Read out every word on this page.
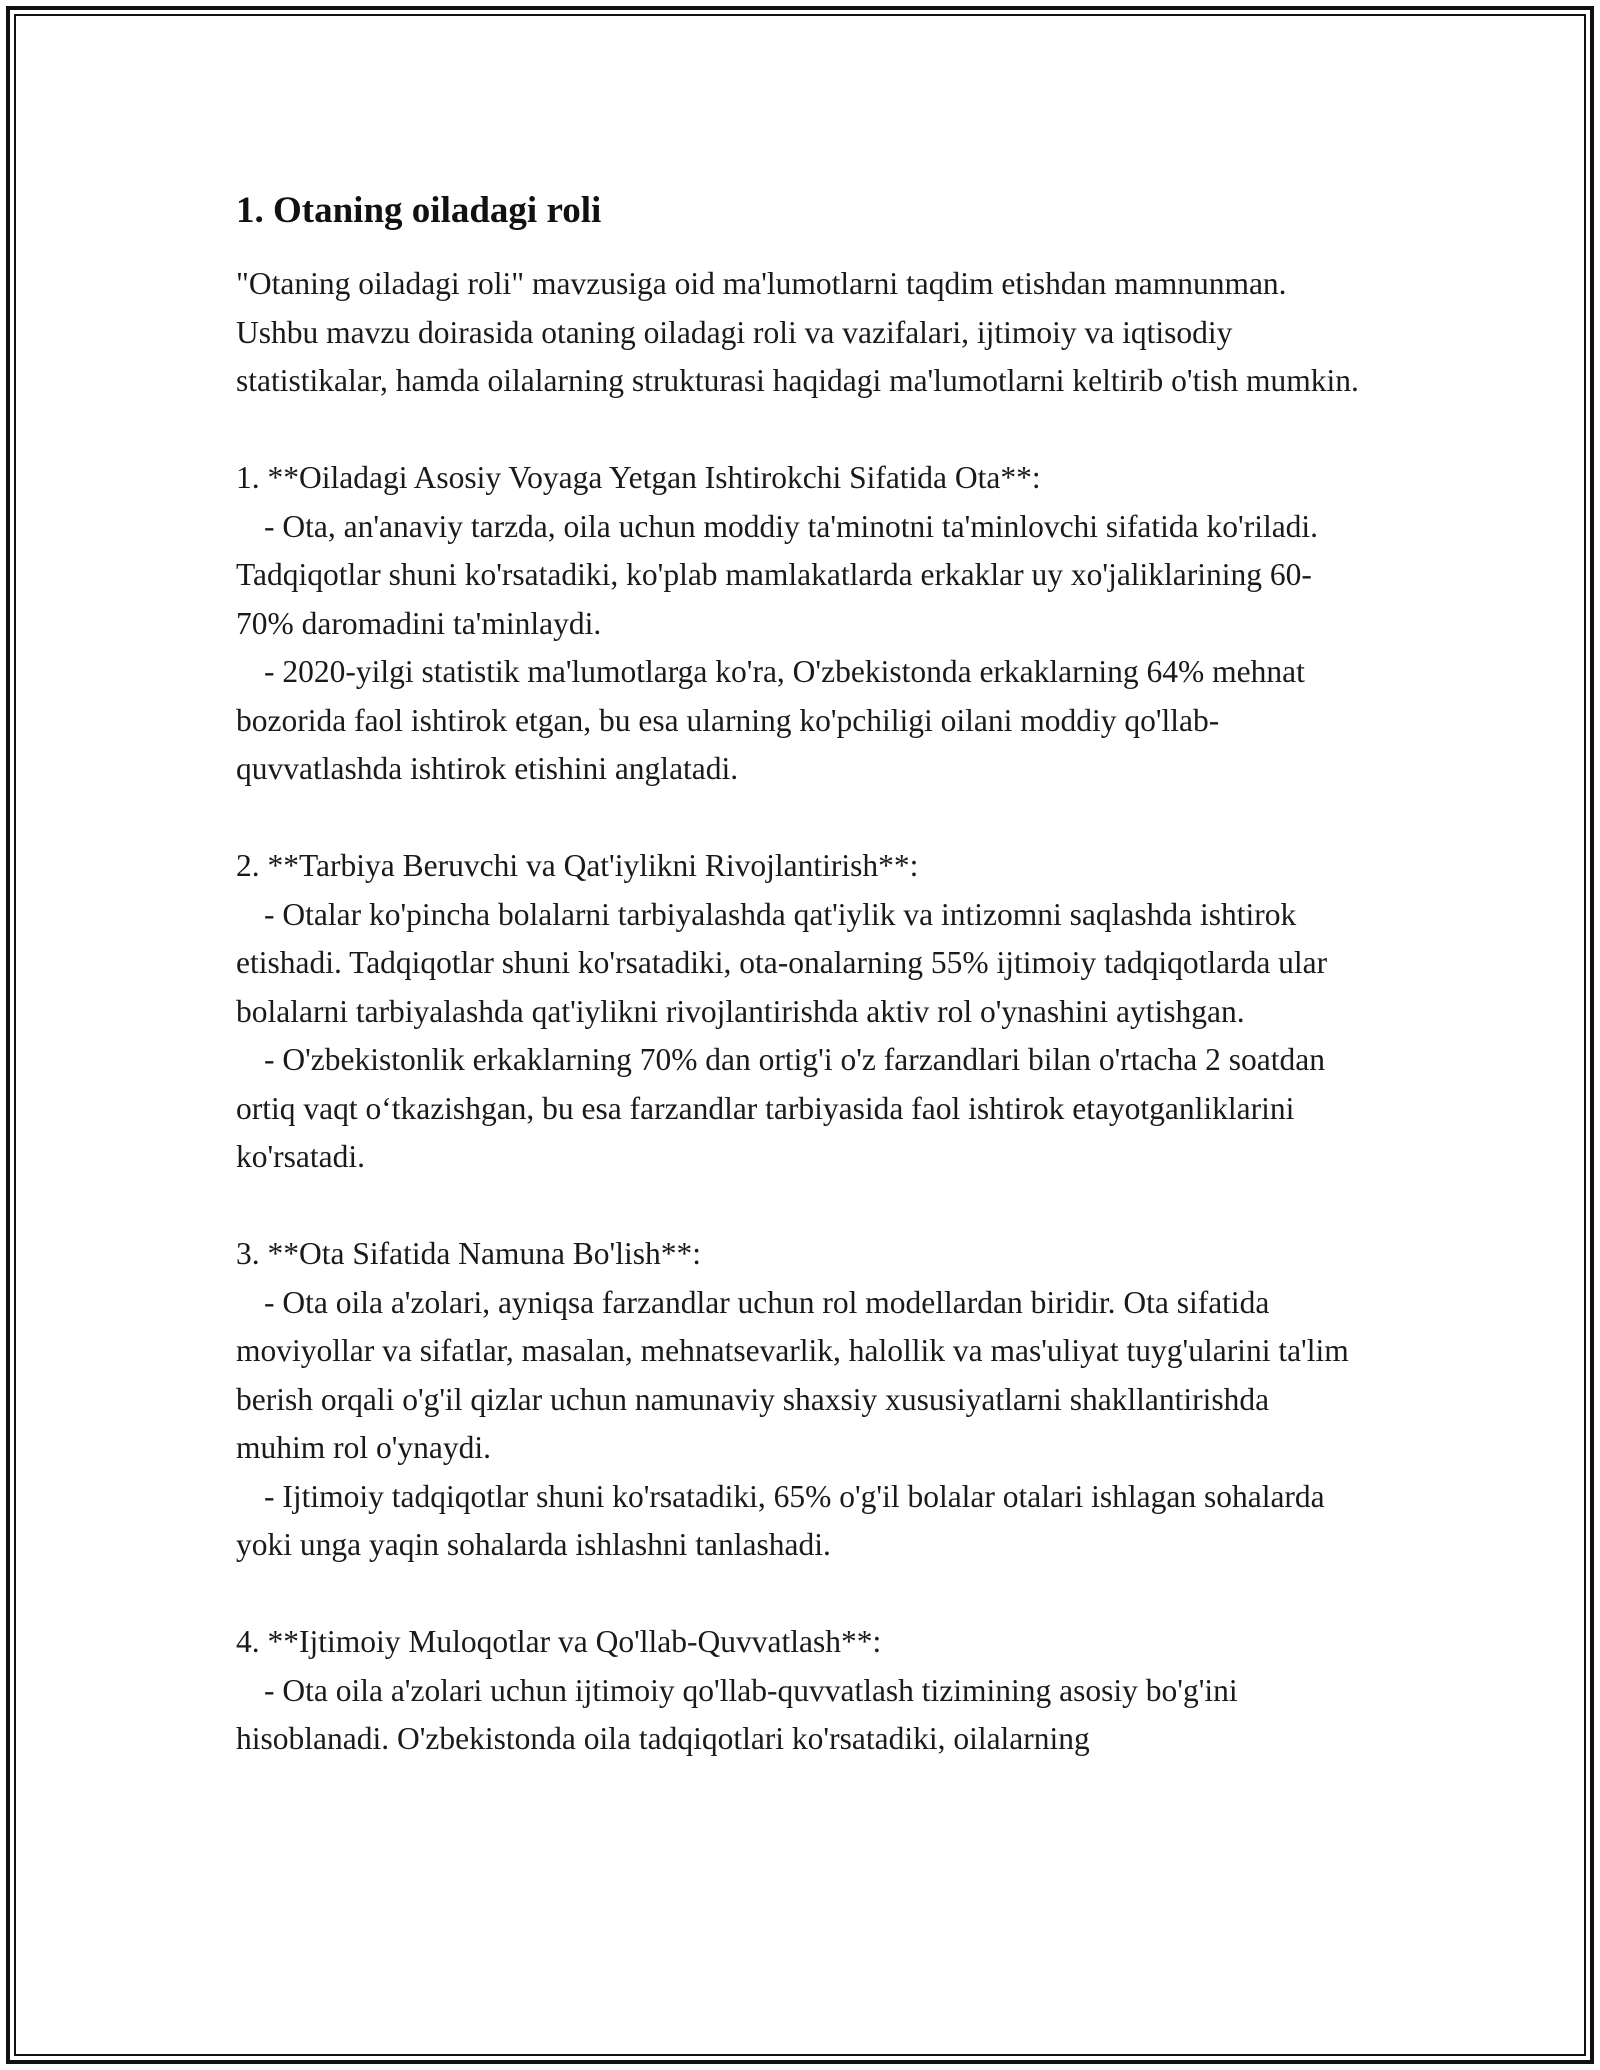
1. Otaning oiladagi roli

"Otaning oiladagi roli" mavzusiga oid ma'lumotlarni taqdim etishdan mamnunman. Ushbu mavzu doirasida otaning oiladagi roli va vazifalari, ijtimoiy va iqtisodiy statistikalar, hamda oilalarning strukturasi haqidagi ma'lumotlarni keltirib o'tish mumkin.

1. **Oiladagi Asosiy Voyaga Yetgan Ishtirokchi Sifatida Ota**:

- Ota, an'anaviy tarzda, oila uchun moddiy ta'minotni ta'minlovchi sifatida ko'riladi. Tadqiqotlar shuni ko'rsatadiki, ko'plab mamlakatlarda erkaklar uy xo'jaliklarining 60-70% daromadini ta'minlaydi.

- 2020-yilgi statistik ma'lumotlarga ko'ra, O'zbekistonda erkaklarning 64% mehnat bozorida faol ishtirok etgan, bu esa ularning ko'pchiligi oilani moddiy qo'llab-quvvatlashda ishtirok etishini anglatadi.

2. **Tarbiya Beruvchi va Qat'iylikni Rivojlantirish**:

- Otalar ko'pincha bolalarni tarbiyalashda qat'iylik va intizomni saqlashda ishtirok etishadi. Tadqiqotlar shuni ko'rsatadiki, ota-onalarning 55% ijtimoiy tadqiqotlarda ular bolalarni tarbiyalashda qat'iylikni rivojlantirishda aktiv rol o'ynashini aytishgan.

- O'zbekistonlik erkaklarning 70% dan ortig'i o'z farzandlari bilan o'rtacha 2 soatdan ortiq vaqt o‘tkazishgan, bu esa farzandlar tarbiyasida faol ishtirok etayotganliklarini ko'rsatadi.

3. **Ota Sifatida Namuna Bo'lish**:

- Ota oila a'zolari, ayniqsa farzandlar uchun rol modellardan biridir. Ota sifatida moviyollar va sifatlar, masalan, mehnatsevarlik, halollik va mas'uliyat tuyg'ularini ta'lim berish orqali o'g'il qizlar uchun namunaviy shaxsiy xususiyatlarni shakllantirishda muhim rol o'ynaydi.

- Ijtimoiy tadqiqotlar shuni ko'rsatadiki, 65% o'g'il bolalar otalari ishlagan sohalarda yoki unga yaqin sohalarda ishlashni tanlashadi.

4. **Ijtimoiy Muloqotlar va Qo'llab-Quvvatlash**:

- Ota oila a'zolari uchun ijtimoiy qo'llab-quvvatlash tizimining asosiy bo'g'ini hisoblanadi. O'zbekistonda oila tadqiqotlari ko'rsatadiki, oilalarning
